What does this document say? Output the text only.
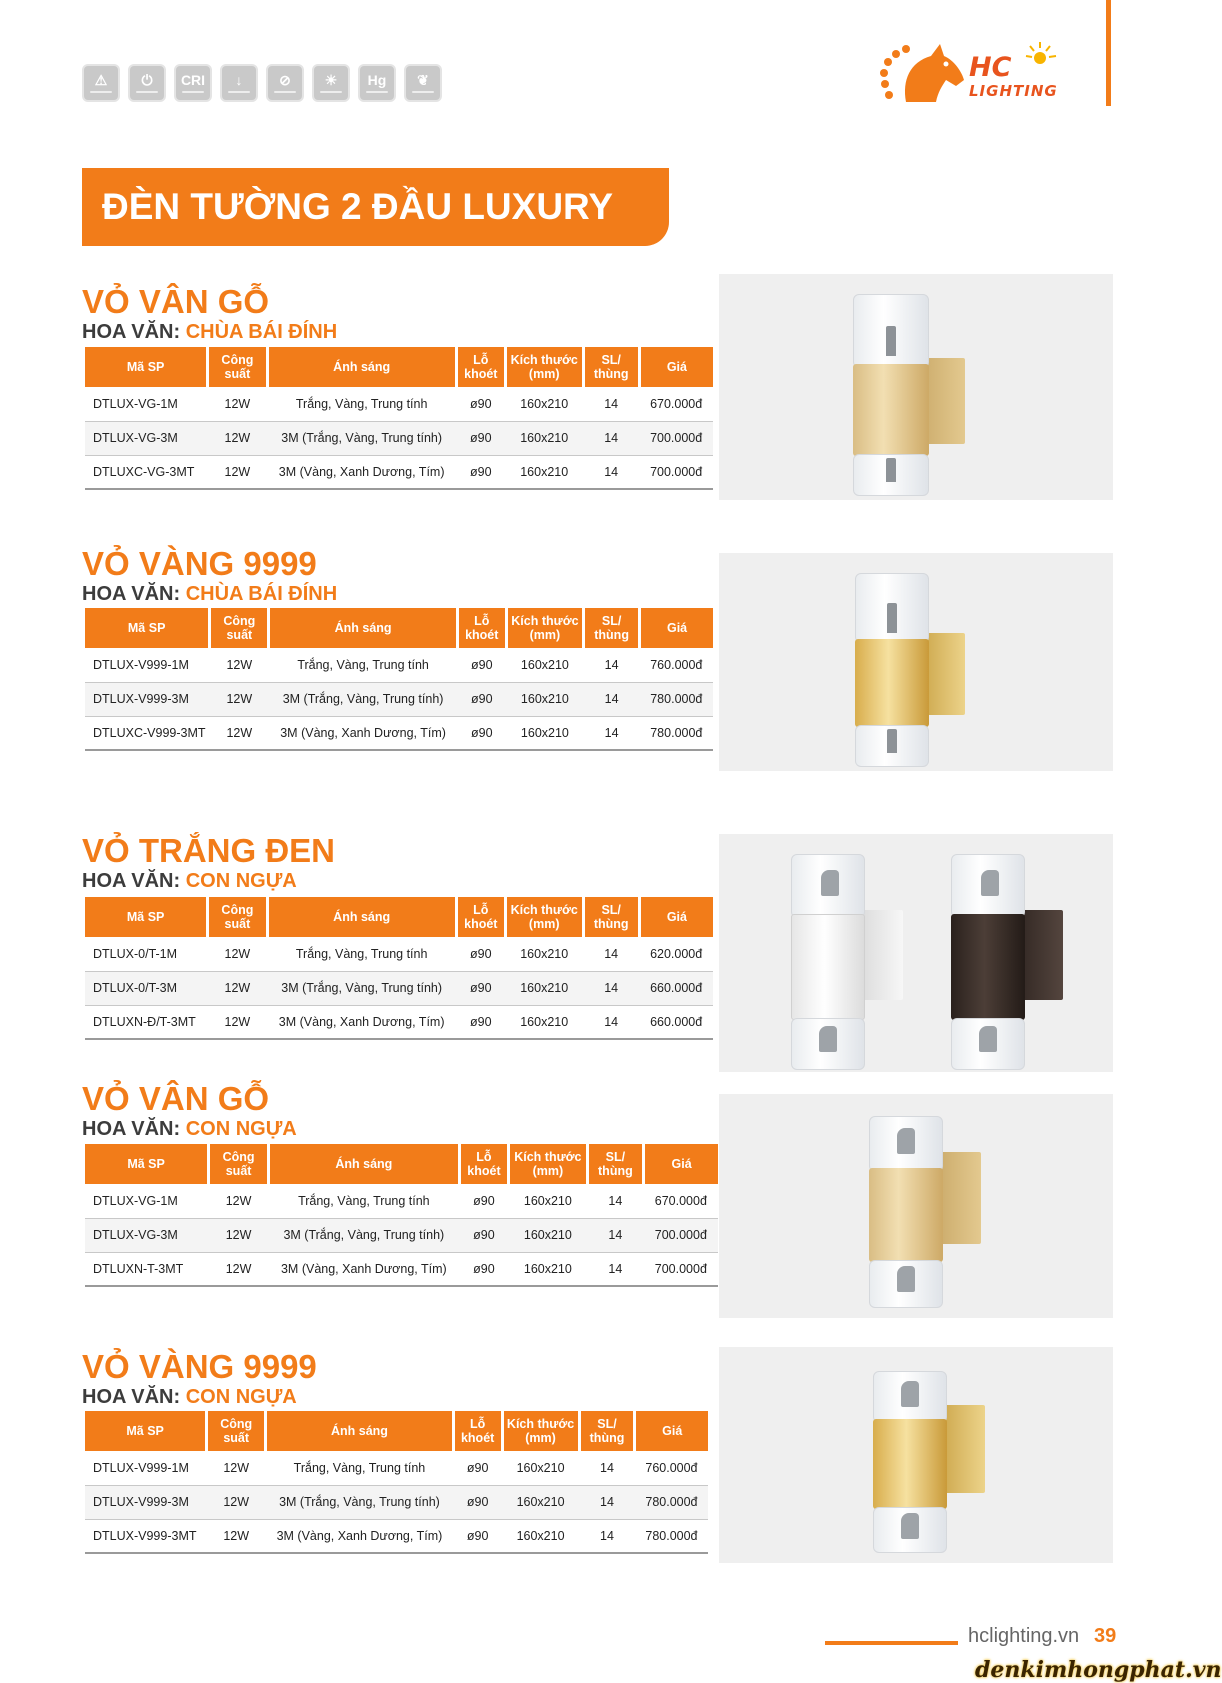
⚠ ⏻ CRI ↓	⊘ ☀ Hg ❦	HC
LIGHTING
ĐÈN TƯỜNG 2 ĐẦU LUXURY
VỎ VÂN GỖ
HOA VĂN: CHÙA BÁI ĐÍNH
Mã SP	Công suất	Ánh sáng	Lỗ khoét	Kích thước (mm)	SL/ thùng	Giá
DTLUX-VG-1M	12W	Trắng, Vàng, Trung tính	ø90	160x210	14	670.000đ
DTLUX-VG-3M	12W	3M (Trắng, Vàng, Trung tính)	ø90	160x210	14	700.000đ
DTLUXC-VG-3MT	12W	3M (Vàng, Xanh Dương, Tím)	ø90	160x210	14	700.000đ
VỎ VÀNG 9999
HOA VĂN: CHÙA BÁI ĐÍNH
Mã SP	Công suất	Ánh sáng	Lỗ khoét	Kích thước (mm)	SL/ thùng	Giá
DTLUX-V999-1M	12W	Trắng, Vàng, Trung tính	ø90	160x210	14	760.000đ
DTLUX-V999-3M	12W	3M (Trắng, Vàng, Trung tính)	ø90	160x210	14	780.000đ
DTLUXC-V999-3MT	12W	3M (Vàng, Xanh Dương, Tím)	ø90	160x210	14	780.000đ
VỎ TRẮNG ĐEN
HOA VĂN: CON NGỰA
Mã SP	Công suất	Ánh sáng	Lỗ khoét	Kích thước (mm)	SL/ thùng	Giá
DTLUX-0/T-1M	12W	Trắng, Vàng, Trung tính	ø90	160x210	14	620.000đ
DTLUX-0/T-3M	12W	3M (Trắng, Vàng, Trung tính)	ø90	160x210	14	660.000đ
DTLUXN-Đ/T-3MT	12W	3M (Vàng, Xanh Dương, Tím)	ø90	160x210	14	660.000đ
VỎ VÂN GỖ
HOA VĂN: CON NGỰA
Mã SP	Công suất	Ánh sáng	Lỗ khoét	Kích thước (mm)	SL/ thùng	Giá
DTLUX-VG-1M	12W	Trắng, Vàng, Trung tính	ø90	160x210	14	670.000đ
DTLUX-VG-3M	12W	3M (Trắng, Vàng, Trung tính)	ø90	160x210	14	700.000đ
DTLUXN-T-3MT	12W	3M (Vàng, Xanh Dương, Tím)	ø90	160x210	14	700.000đ
VỎ VÀNG 9999
HOA VĂN: CON NGỰA
Mã SP	Công suất	Ánh sáng	Lỗ khoét	Kích thước (mm)	SL/ thùng	Giá
DTLUX-V999-1M	12W	Trắng, Vàng, Trung tính	ø90	160x210	14	760.000đ
DTLUX-V999-3M	12W	3M (Trắng, Vàng, Trung tính)	ø90	160x210	14	780.000đ
DTLUX-V999-3MT	12W	3M (Vàng, Xanh Dương, Tím)	ø90	160x210	14	780.000đ
hclighting.vn 39
denkimhongphat.vn
